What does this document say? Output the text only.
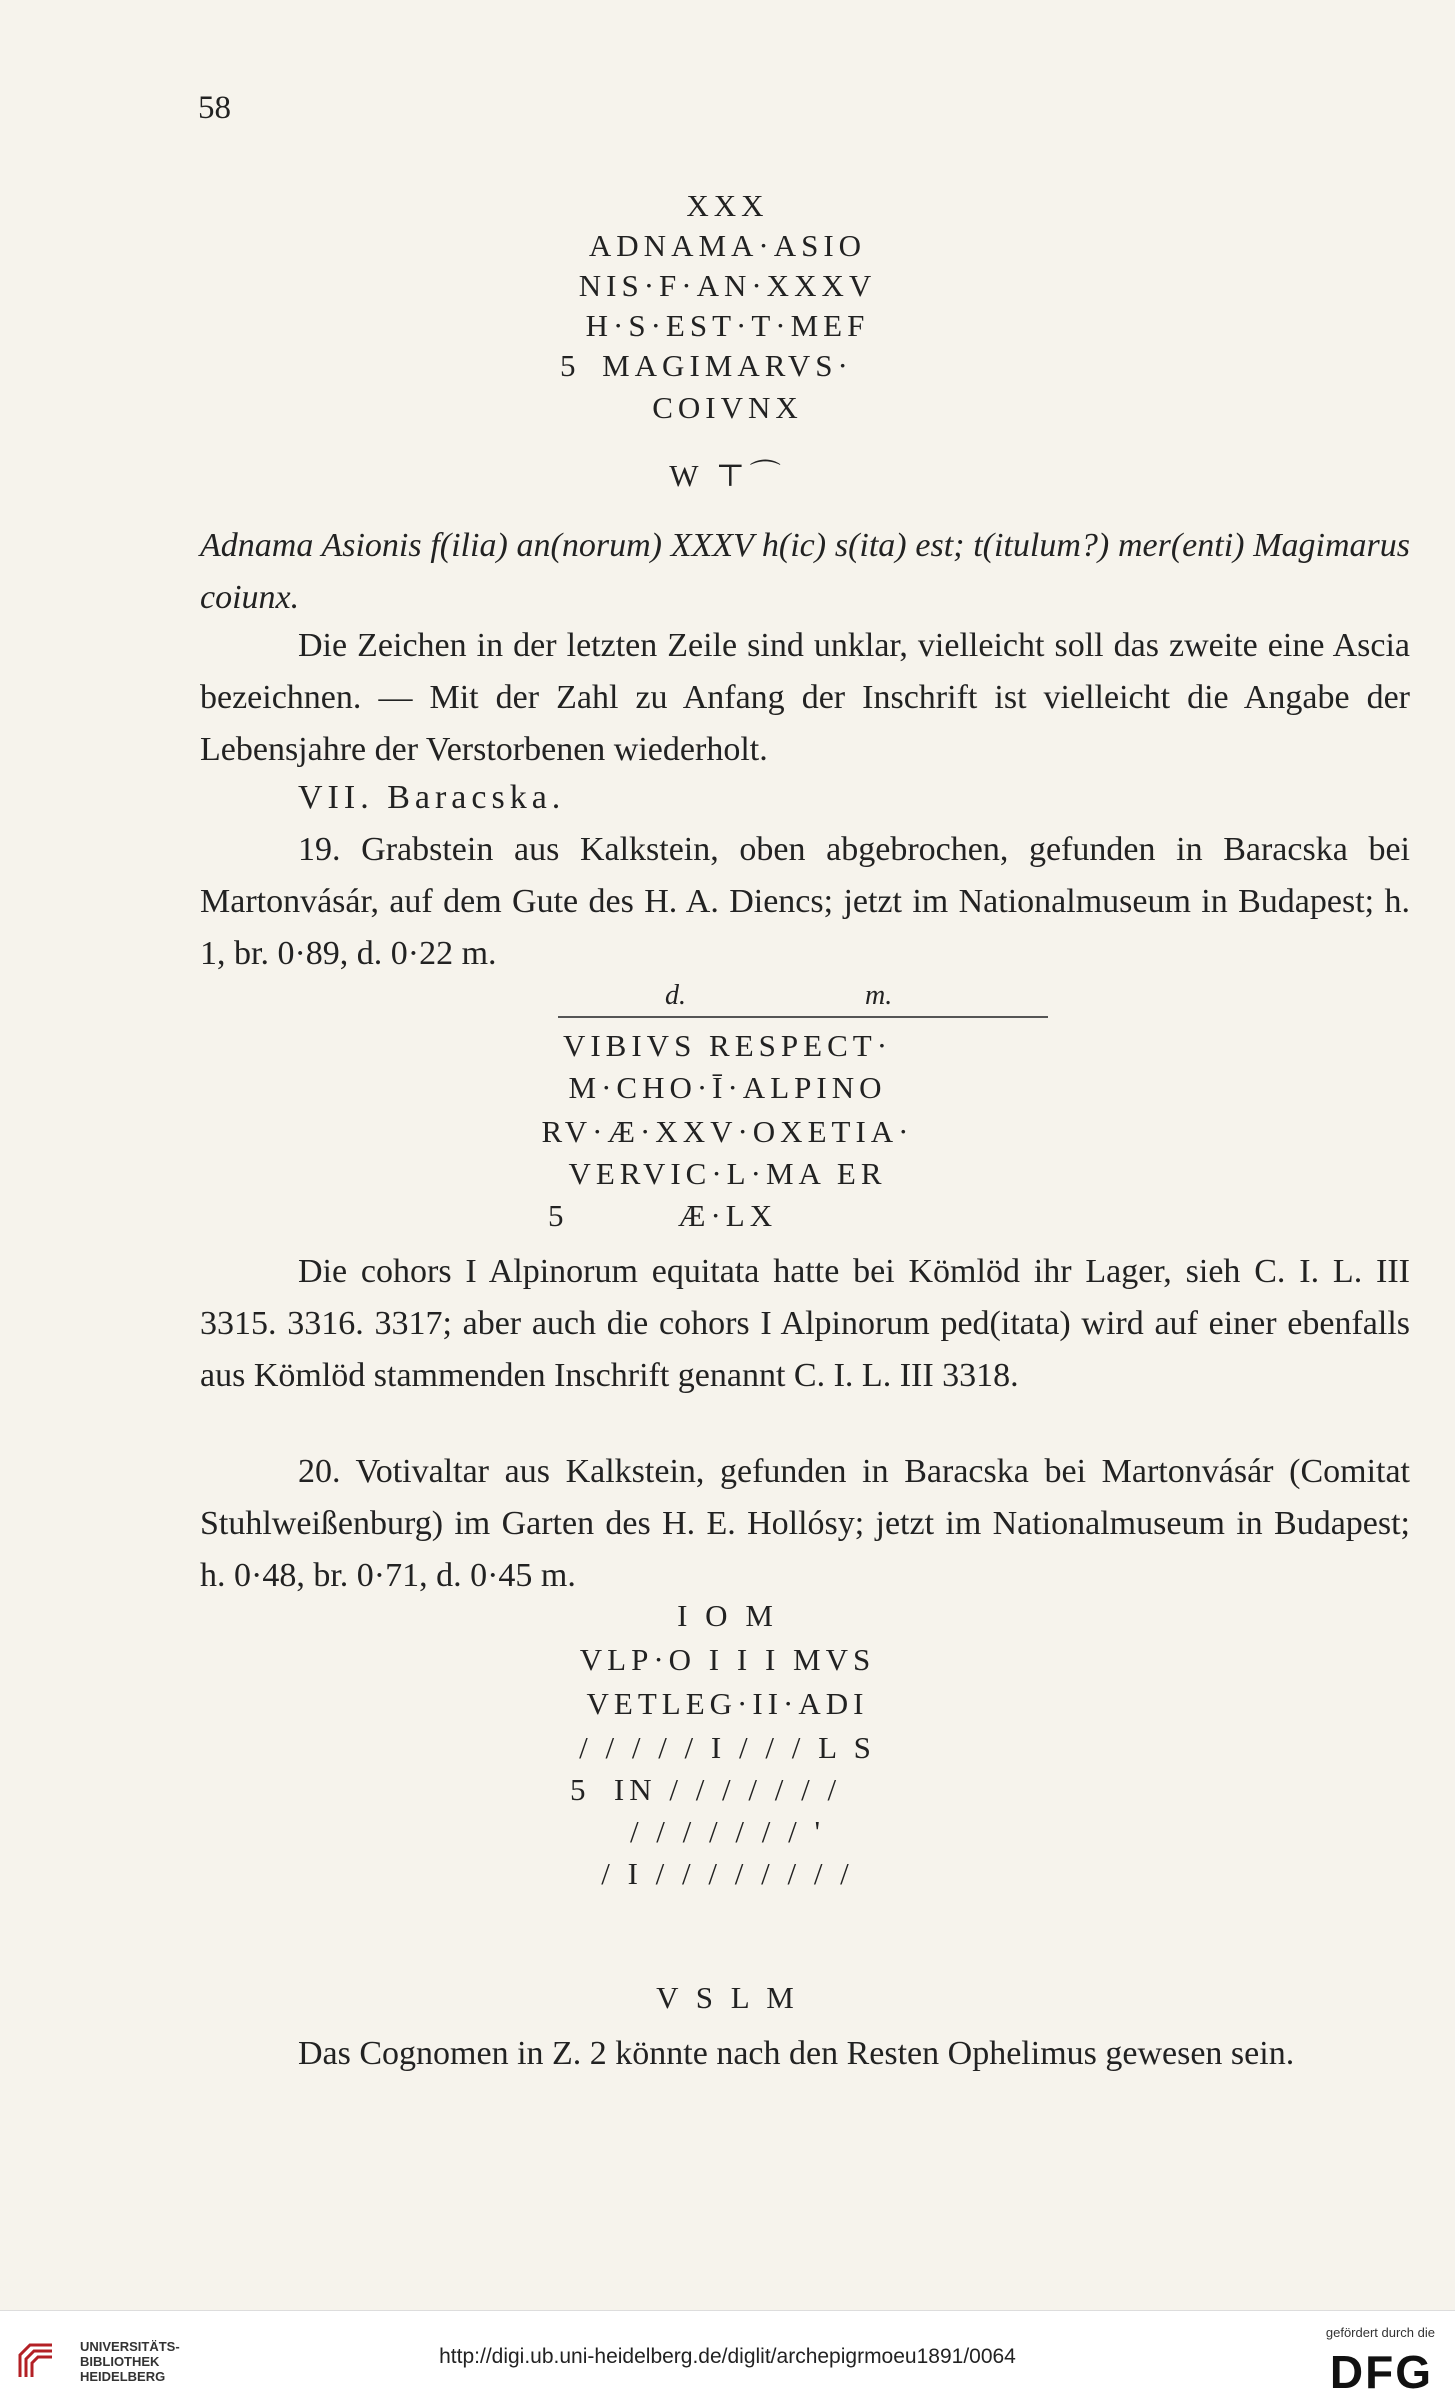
58
XXX
ADNAMA·ASIO
NIS·F·AN·XXXV
H·S·EST·T·MEF
5 MAGIMARVS·
COIVNX
W ⊤⌒
Adnama Asionis f(ilia) an(norum) XXXV h(ic) s(ita) est; t(itulum?) mer(enti) Magimarus coiunx.
Die Zeichen in der letzten Zeile sind unklar, vielleicht soll das zweite eine Ascia bezeichnen. — Mit der Zahl zu Anfang der Inschrift ist vielleicht die Angabe der Lebensjahre der Verstorbenen wiederholt.
VII. Baracska.
19. Grabstein aus Kalkstein, oben abgebrochen, gefunden in Baracska bei Martonvásár, auf dem Gute des H. A. Diencs; jetzt im Nationalmuseum in Budapest; h. 1, br. 0·89, d. 0·22 m.
d.	m.
VIBIVS RESPECT·
M·CHO·Ī·ALPINO
RV·Æ·XXV·OXETIA·
VERVIC·L·MA ER
5	Æ·LX
Die cohors I Alpinorum equitata hatte bei Kömlöd ihr Lager, sieh C. I. L. III 3315. 3316. 3317; aber auch die cohors I Alpinorum ped(itata) wird auf einer ebenfalls aus Kömlöd stammenden Inschrift genannt C. I. L. III 3318.
20. Votivaltar aus Kalkstein, gefunden in Baracska bei Martonvásár (Comitat Stuhlweißenburg) im Garten des H. E. Hollósy; jetzt im Nationalmuseum in Budapest; h. 0·48, br. 0·71, d. 0·45 m.
I O M
VLP·O I I I MVS
VETLEG·II·ADI
/ / / / / I / / / L S
5 IN / / / / / / /
/ / / / / / / '
/ I / / / / / / / /
V S L M
Das Cognomen in Z. 2 könnte nach den Resten Ophelimus gewesen sein.
UNIVERSITÄTS-
BIBLIOTHEK
HEIDELBERG
http://digi.ub.uni-heidelberg.de/diglit/archepigrmoeu1891/0064
gefördert durch die
DFG
